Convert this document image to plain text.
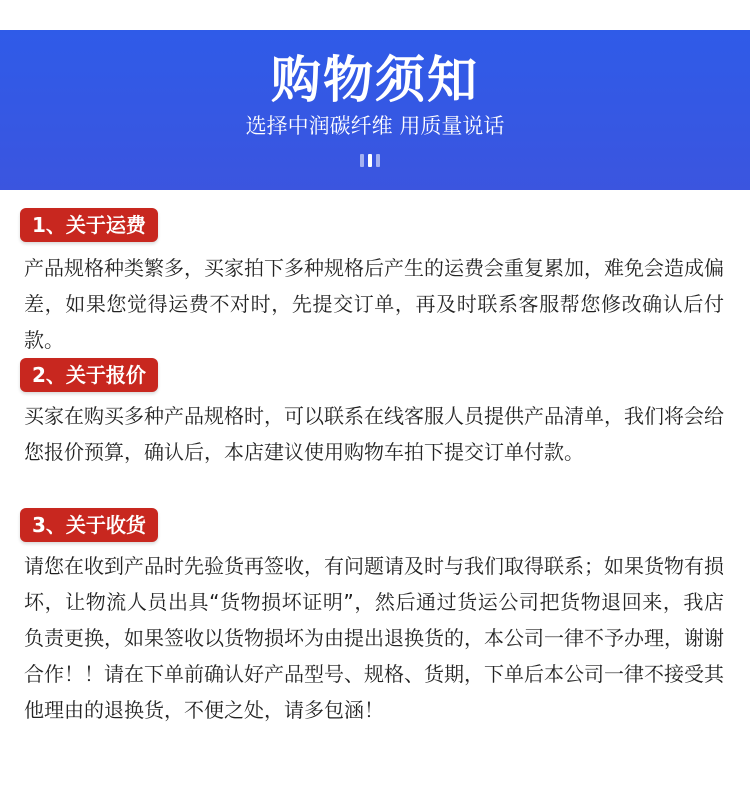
购物须知
选择中润碳纤维 用质量说话
1、关于运费
产品规格种类繁多，买家拍下多种规格后产生的运费会重复累加，难免会造成偏差，如果您觉得运费不对时，先提交订单，再及时联系客服帮您修改确认后付款。
2、关于报价
买家在购买多种产品规格时，可以联系在线客服人员提供产品清单，我们将会给您报价预算，确认后，本店建议使用购物车拍下提交订单付款。
3、关于收货
请您在收到产品时先验货再签收，有问题请及时与我们取得联系；如果货物有损坏，让物流人员出具“货物损坏证明”，然后通过货运公司把货物退回来，我店负责更换，如果签收以货物损坏为由提出退换货的，本公司一律不予办理，谢谢合作！！请在下单前确认好产品型号、规格、货期，下单后本公司一律不接受其他理由的退换货，不便之处，请多包涵！
